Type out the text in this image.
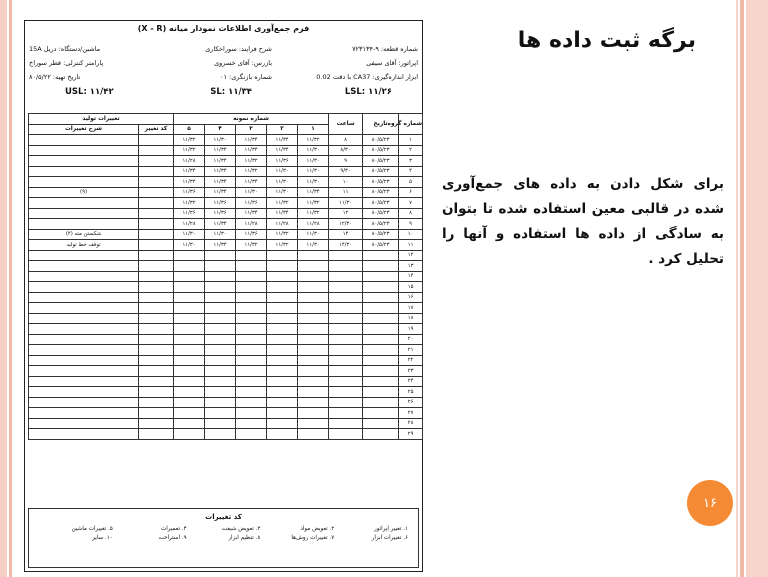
فرم جمع‌آوری اطلاعات نمودار میانه (X - R)
شماره قطعه: ۹-۷۲۳۱۳۴
شرح فرایند: سوراخکاری
ماشین/دستگاه: دریل 15A
اپراتور: آقای سیفی
بازرس: آقای خسروی
پارامتر کنترلی: قطر سوراخ
ابزار اندازه‌گیری: CA37 با دقت 0.02
شماره بازنگری: ۰۱
تاریخ تهیه: ۸۰/۵/۲۲
LSL: ۱۱/۲۶
SL: ۱۱/۳۴
USL: ۱۱/۴۲
شماره گروه	تاریخ	ساعت	شماره نمونه					تغییرات تولید	
			۱	۲	۳	۴	۵	کد تغییر	شرح تغییرات
۱	۸۰/۵/۲۳	۸	۱۱/۳۲	۱۱/۳۴	۱۱/۳۴	۱۱/۳۰	۱۱/۳۲		
۲	۸۰/۵/۲۳	۸/۳۰	۱۱/۳۰	۱۱/۳۴	۱۱/۳۴	۱۱/۳۴	۱۱/۳۲		
۳	۸۰/۵/۲۳	۹	۱۱/۳۰	۱۱/۳۶	۱۱/۳۲	۱۱/۳۴	۱۱/۲۸		
۴	۸۰/۵/۲۳	۹/۳۰	۱۱/۳۰	۱۱/۳۰	۱۱/۳۲	۱۱/۳۴	۱۱/۳۴		
۵	۸۰/۵/۲۳	۱۰	۱۱/۳۰	۱۱/۳۰	۱۱/۳۴	۱۱/۳۴	۱۱/۳۴		
۶	۸۰/۵/۲۳	۱۱	۱۱/۳۴	۱۱/۳۰	۱۱/۳۰	۱۱/۳۴	۱۱/۳۶		(۹)
۷	۸۰/۵/۲۳	۱۱/۳۰	۱۱/۳۲	۱۱/۳۲	۱۱/۳۶	۱۱/۳۶	۱۱/۳۲		
۸	۸۰/۵/۲۳	۱۲	۱۱/۳۲	۱۱/۳۴	۱۱/۳۴	۱۱/۳۶	۱۱/۳۶		
۹	۸۰/۵/۲۳	۱۲/۳۰	۱۱/۲۸	۱۱/۲۸	۱۱/۲۸	۱۱/۳۴	۱۱/۲۸		
۱۰	۸۰/۵/۲۳	۱۴	۱۱/۳۰	۱۱/۳۲	۱۱/۳۶	۱۱/۳۰	۱۱/۳۰		شکستن مته (۴)
۱۱	۸۰/۵/۲۳	۱۴/۳۰	۱۱/۳۰	۱۱/۳۲	۱۱/۳۲	۱۱/۳۴	۱۱/۳۰		توقف خط تولید
۱۲									
۱۳									
۱۴									
۱۵									
۱۶									
۱۷									
۱۸									
۱۹									
۲۰									
۲۱									
۲۲									
۲۳									
۲۴									
۲۵									
۲۶									
۲۷									
۲۸									
۲۹									
کد تغییرات
۱. تغییر اپراتور
۲. تعویض مواد
۳. تعویض شیفت
۴. تعمیرات
۵. تغییرات ماشین
۶. تغییرات ابزار
۷. تغییرات روش‌ها
۸. تنظیم ابزار
۹. استراحت
۱۰. سایر
برگه ثبت داده ها
برای شکل دادن به داده های جمع‌آوری شده در قالبی معین استفاده شده تا بتوان به سادگی از داده ها استفاده و آنها را تحلیل کرد .
۱۶
